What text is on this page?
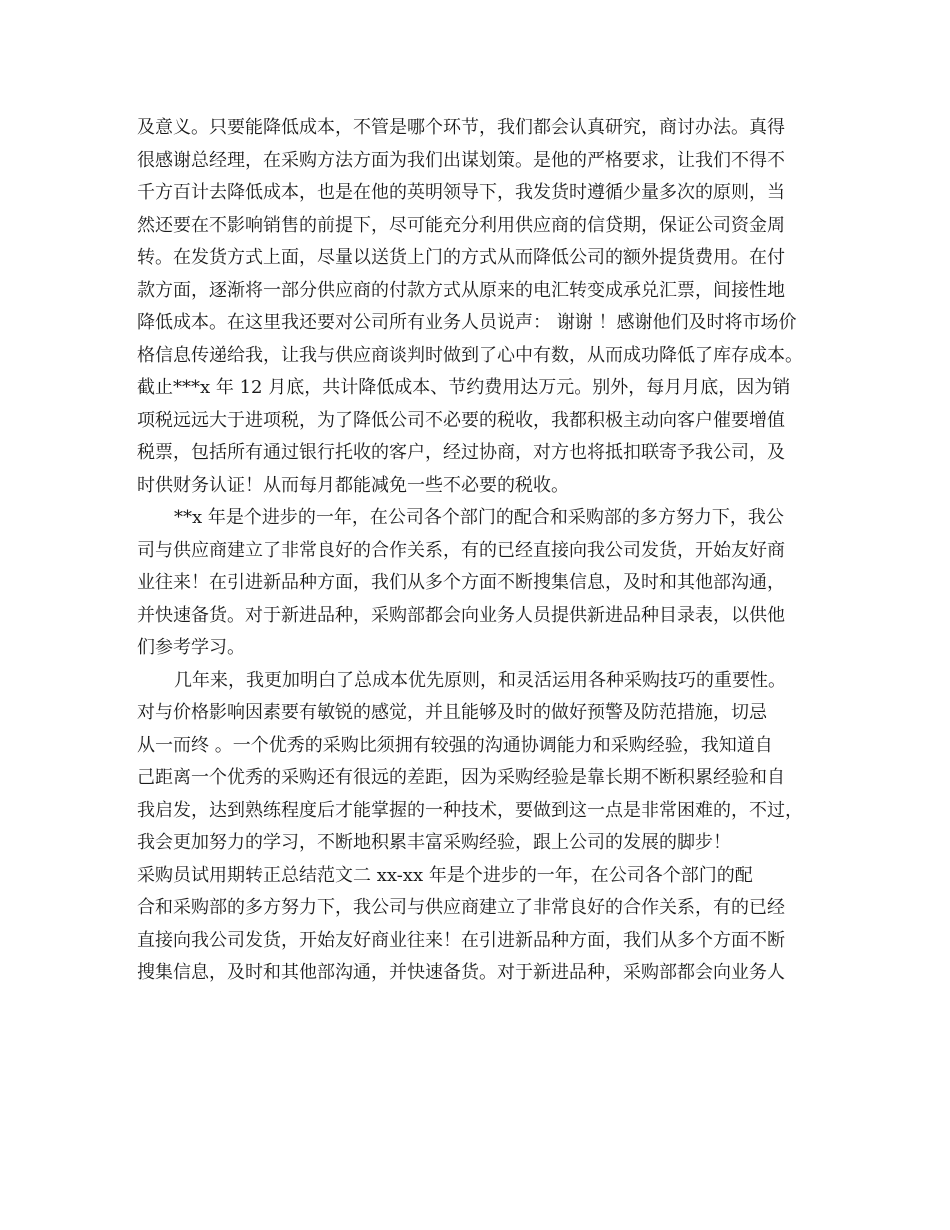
及意义。只要能降低成本，不管是哪个环节，我们都会认真研究，商讨办法。真得
很感谢总经理，在采购方法方面为我们出谋划策。是他的严格要求，让我们不得不
千方百计去降低成本，也是在他的英明领导下，我发货时遵循少量多次的原则，当
然还要在不影响销售的前提下，尽可能充分利用供应商的信贷期，保证公司资金周
转。在发货方式上面，尽量以送货上门的方式从而降低公司的额外提货费用。在付
款方面，逐渐将一部分供应商的付款方式从原来的电汇转变成承兑汇票，间接性地
降低成本。在这里我还要对公司所有业务人员说声： 谢谢 ！感谢他们及时将市场价
格信息传递给我，让我与供应商谈判时做到了心中有数，从而成功降低了库存成本。
截止***x 年 12 月底，共计降低成本、节约费用达万元。别外，每月月底，因为销
项税远远大于进项税，为了降低公司不必要的税收，我都积极主动向客户催要增值
税票，包括所有通过银行托收的客户，经过协商，对方也将抵扣联寄予我公司，及
时供财务认证！从而每月都能减免一些不必要的税收。
**x 年是个进步的一年，在公司各个部门的配合和采购部的多方努力下，我公
司与供应商建立了非常良好的合作关系，有的已经直接向我公司发货，开始友好商
业往来！在引进新品种方面，我们从多个方面不断搜集信息，及时和其他部沟通，
并快速备货。对于新进品种，采购部都会向业务人员提供新进品种目录表，以供他
们参考学习。
几年来，我更加明白了总成本优先原则，和灵活运用各种采购技巧的重要性。
对与价格影响因素要有敏锐的感觉，并且能够及时的做好预警及防范措施，切忌
从一而终 。一个优秀的采购比须拥有较强的沟通协调能力和采购经验，我知道自
己距离一个优秀的采购还有很远的差距，因为采购经验是靠长期不断积累经验和自
我启发，达到熟练程度后才能掌握的一种技术，要做到这一点是非常困难的，不过，
我会更加努力的学习，不断地积累丰富采购经验，跟上公司的发展的脚步！
采购员试用期转正总结范文二 xx-xx 年是个进步的一年，在公司各个部门的配
合和采购部的多方努力下，我公司与供应商建立了非常良好的合作关系，有的已经
直接向我公司发货，开始友好商业往来！在引进新品种方面，我们从多个方面不断
搜集信息，及时和其他部沟通，并快速备货。对于新进品种，采购部都会向业务人
